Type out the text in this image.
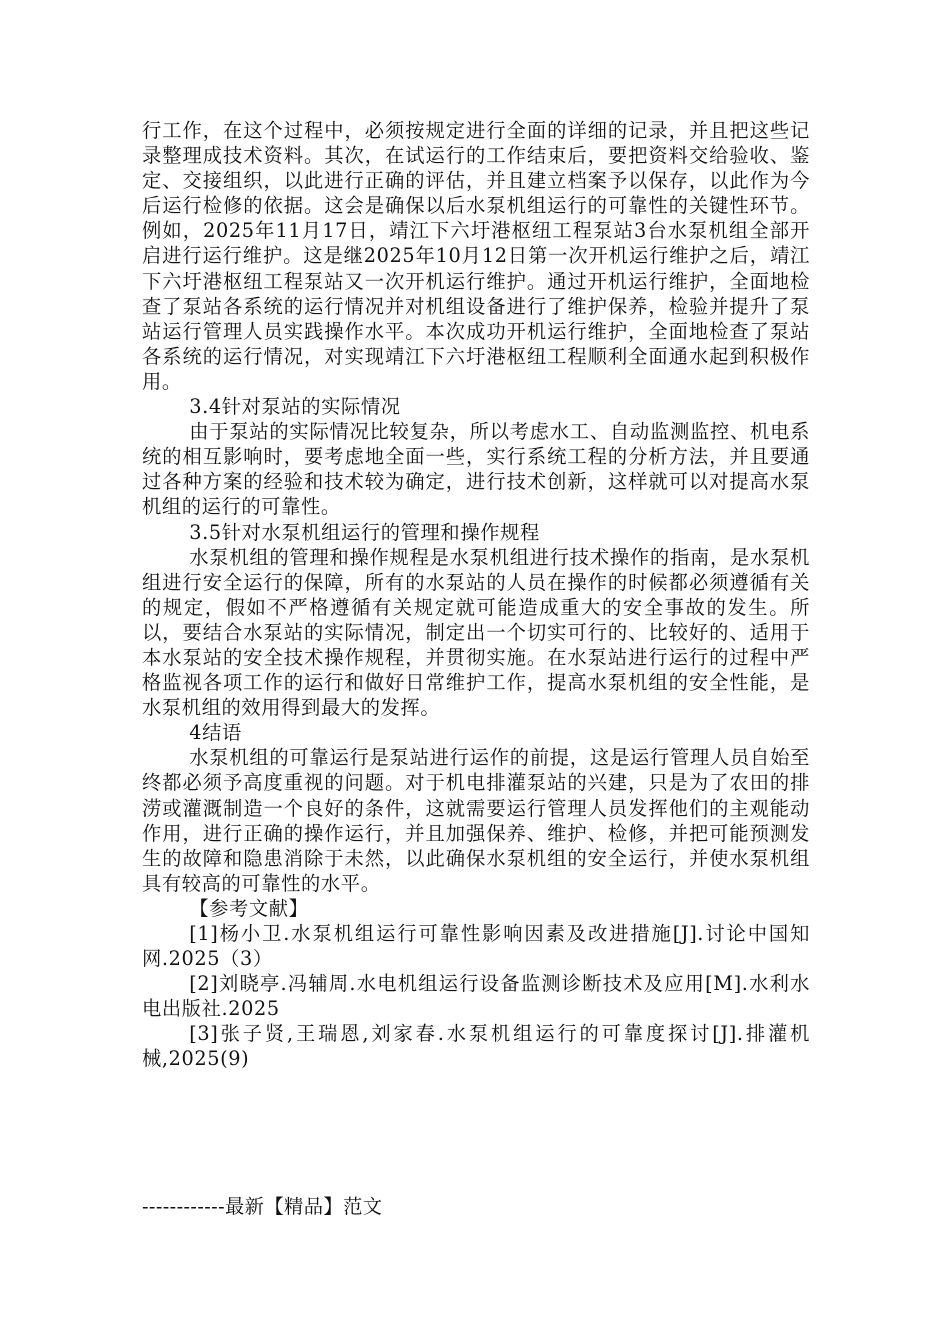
行工作，在这个过程中，必须按规定进行全面的详细的记录，并且把这些记录整理成技术资料。其次，在试运行的工作结束后，要把资料交给验收、鉴定、交接组织，以此进行正确的评估，并且建立档案予以保存，以此作为今后运行检修的依据。这会是确保以后水泵机组运行的可靠性的关键性环节。例如，2025年11月17日，靖江下六圩港枢纽工程泵站3台水泵机组全部开启进行运行维护。这是继2025年10月12日第一次开机运行维护之后，靖江下六圩港枢纽工程泵站又一次开机运行维护。通过开机运行维护，全面地检查了泵站各系统的运行情况并对机组设备进行了维护保养，检验并提升了泵站运行管理人员实践操作水平。本次成功开机运行维护，全面地检查了泵站各系统的运行情况，对实现靖江下六圩港枢纽工程顺利全面通水起到积极作用。

3.4针对泵站的实际情况

由于泵站的实际情况比较复杂，所以考虑水工、自动监测监控、机电系统的相互影响时，要考虑地全面一些，实行系统工程的分析方法，并且要通过各种方案的经验和技术较为确定，进行技术创新，这样就可以对提高水泵机组的运行的可靠性。

3.5针对水泵机组运行的管理和操作规程

水泵机组的管理和操作规程是水泵机组进行技术操作的指南，是水泵机组进行安全运行的保障，所有的水泵站的人员在操作的时候都必须遵循有关的规定，假如不严格遵循有关规定就可能造成重大的安全事故的发生。所以，要结合水泵站的实际情况，制定出一个切实可行的、比较好的、适用于本水泵站的安全技术操作规程，并贯彻实施。在水泵站进行运行的过程中严格监视各项工作的运行和做好日常维护工作，提高水泵机组的安全性能，是水泵机组的效用得到最大的发挥。

4结语

水泵机组的可靠运行是泵站进行运作的前提，这是运行管理人员自始至终都必须予高度重视的问题。对于机电排灌泵站的兴建，只是为了农田的排涝或灌溉制造一个良好的条件，这就需要运行管理人员发挥他们的主观能动作用，进行正确的操作运行，并且加强保养、维护、检修，并把可能预测发生的故障和隐患消除于未然，以此确保水泵机组的安全运行，并使水泵机组具有较高的可靠性的水平。

【参考文献】

[1]杨小卫.水泵机组运行可靠性影响因素及改进措施[J].讨论中国知网.2025（3）

[2]刘晓亭.冯辅周.水电机组运行设备监测诊断技术及应用[M].水利水电出版社.2025

[3]张子贤,王瑞恩,刘家春.水泵机组运行的可靠度探讨[J].排灌机械,2025(9)

------------最新【精品】范文
